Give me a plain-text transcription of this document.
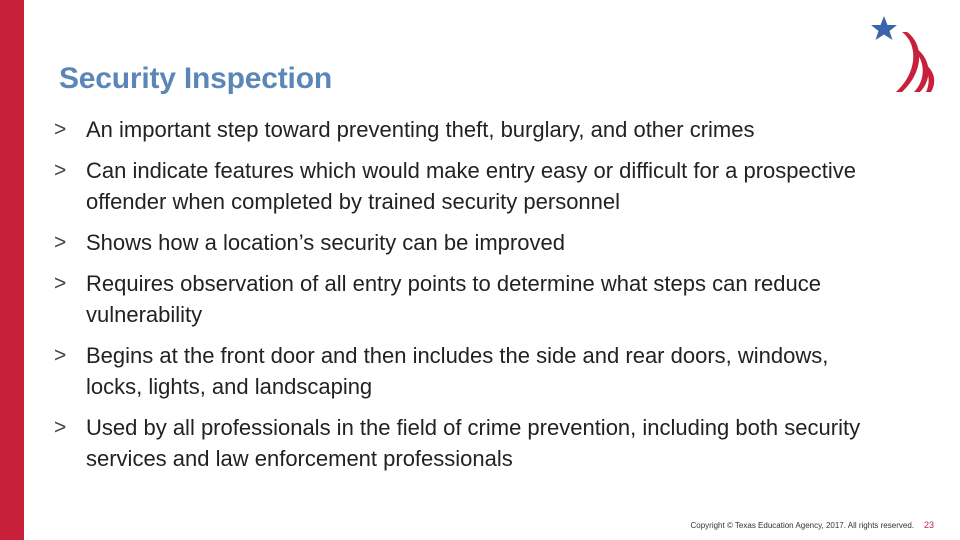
Security Inspection
> An important step toward preventing theft, burglary, and other crimes
> Can indicate features which would make entry easy or difficult for a prospective offender when completed by trained security personnel
> Shows how a location’s security can be improved
> Requires observation of all entry points to determine what steps can reduce vulnerability
> Begins at the front door and then includes the side and rear doors, windows, locks, lights, and landscaping
> Used by all professionals in the field of crime prevention, including both security services and law enforcement professionals
Copyright © Texas Education Agency, 2017. All rights reserved. 23
